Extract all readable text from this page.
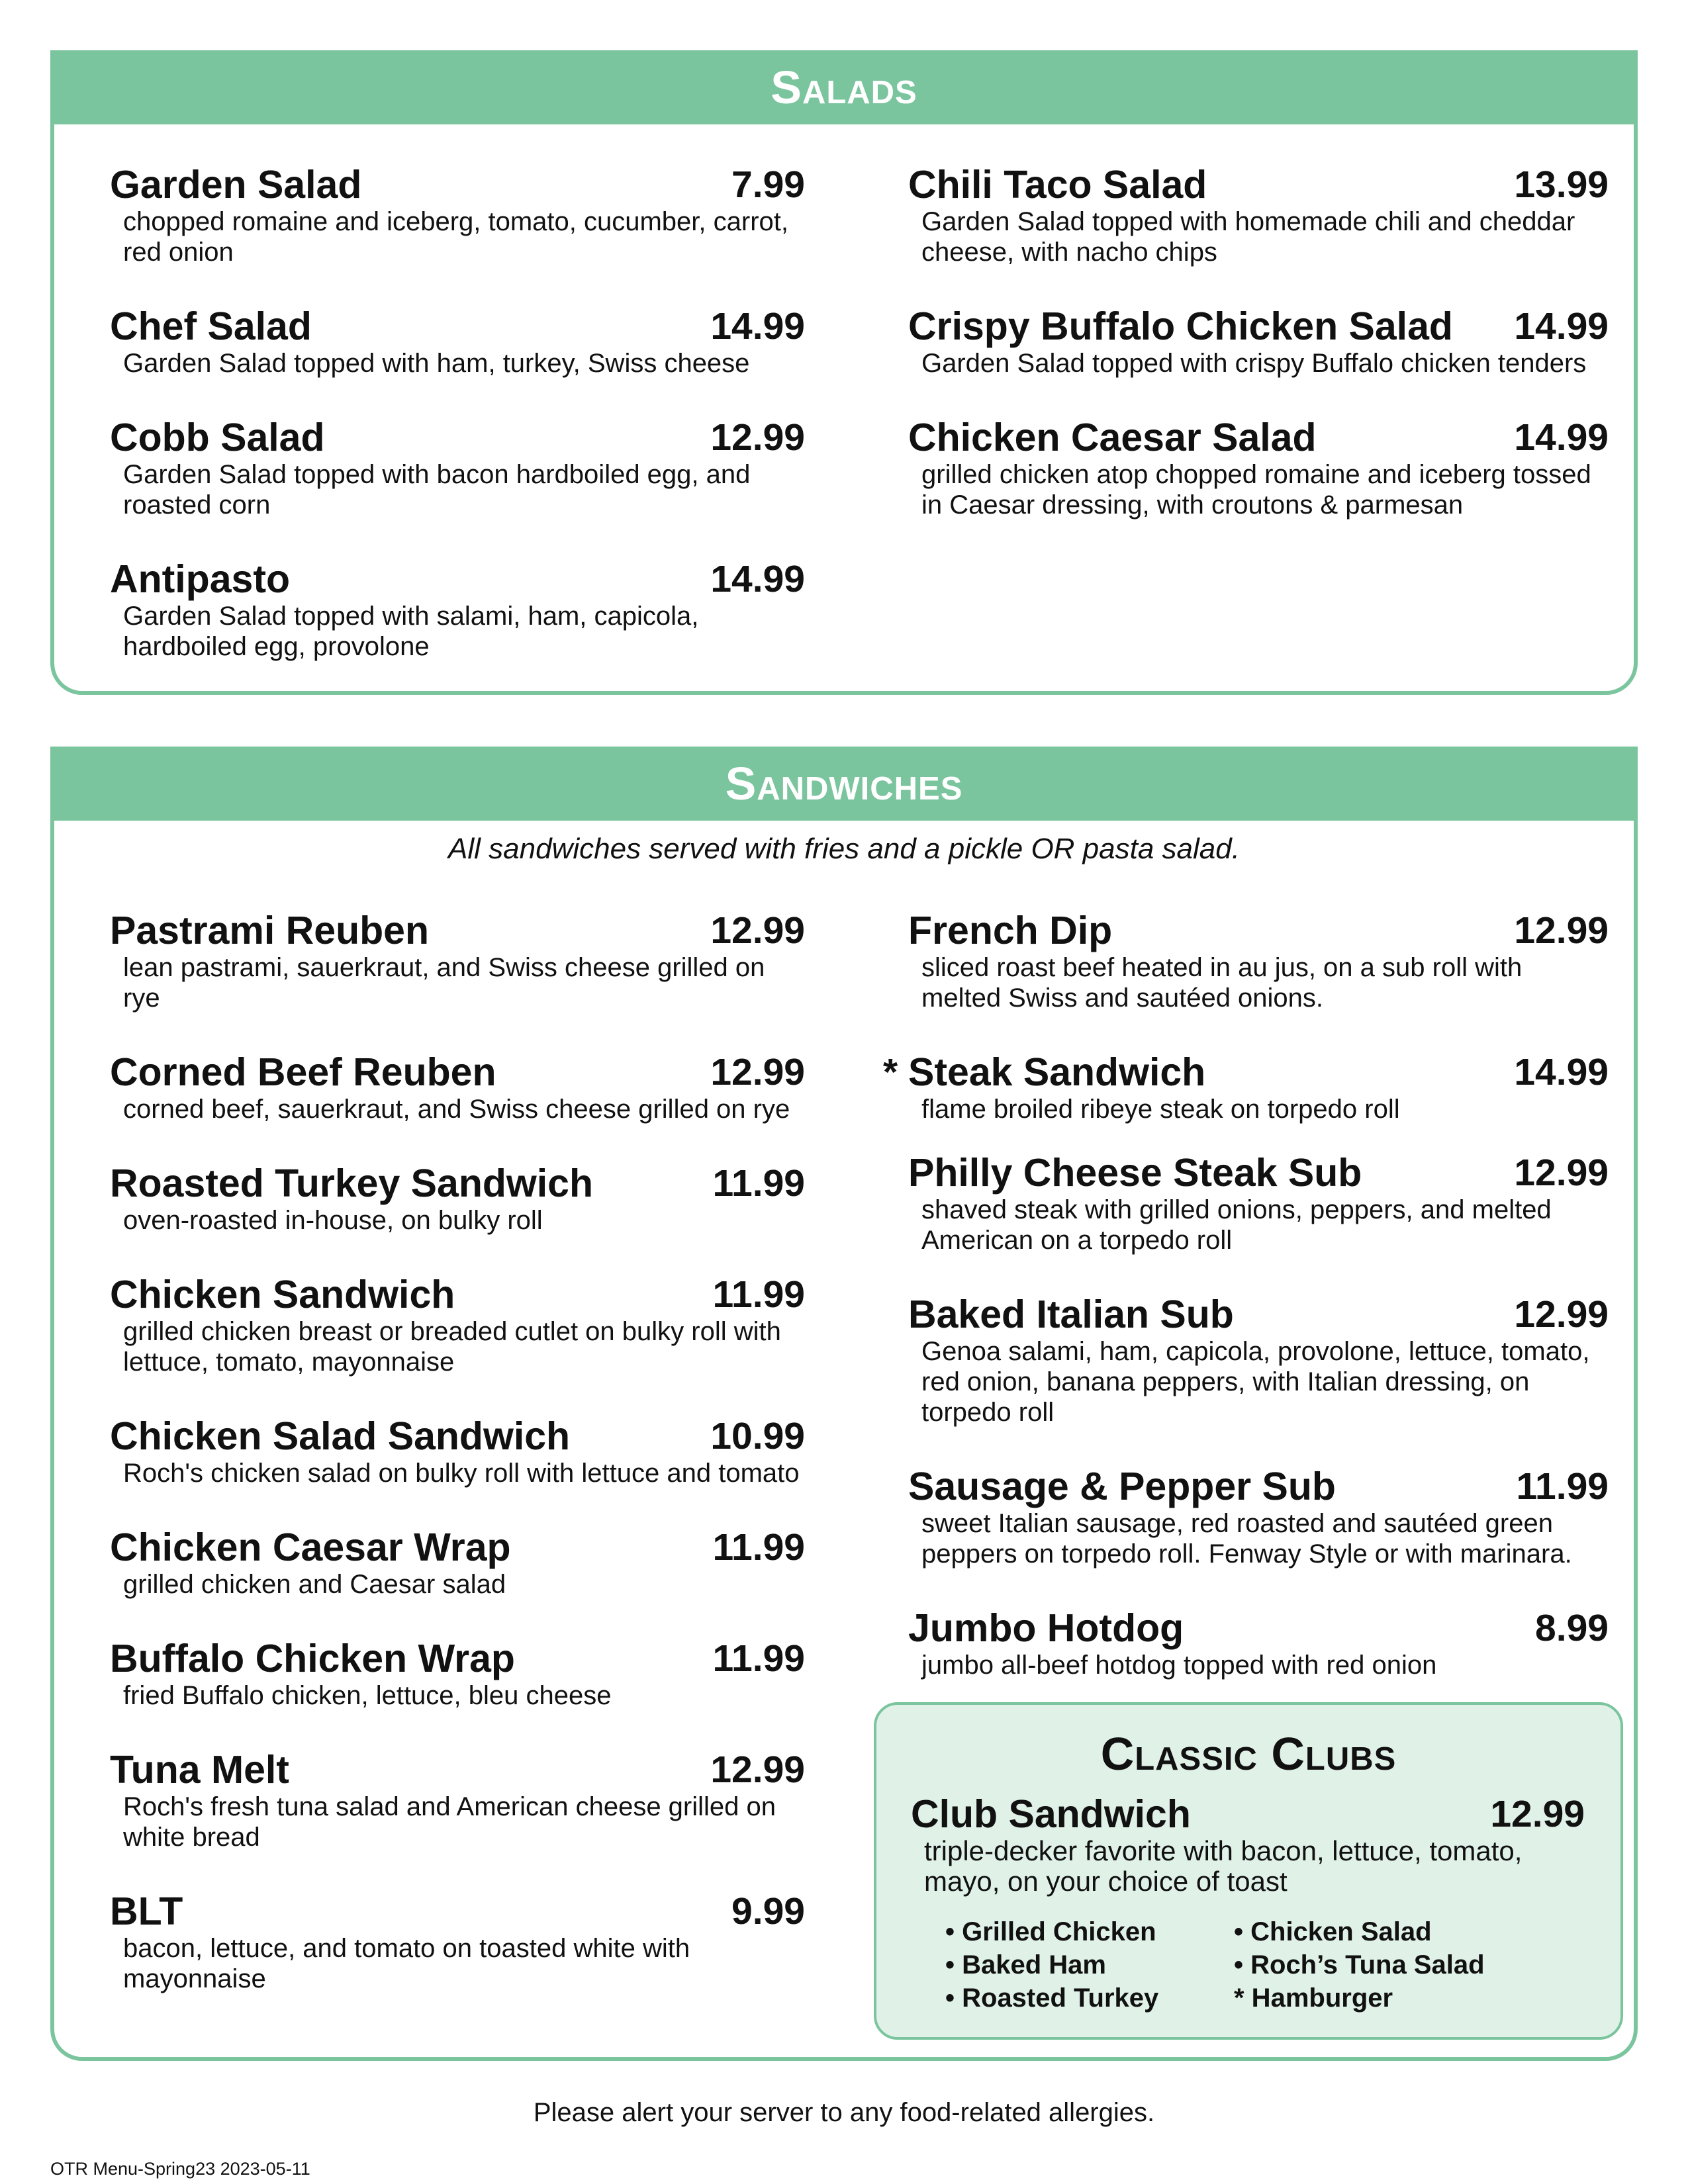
Salads
Garden Salad	7.99
chopped romaine and iceberg, tomato, cucumber, carrot, red onion
Chef Salad	14.99
Garden Salad topped with ham, turkey, Swiss cheese
Cobb Salad	12.99
Garden Salad topped with bacon hardboiled egg, and roasted corn
Antipasto	14.99
Garden Salad topped with salami, ham, capicola, hardboiled egg, provolone
Chili Taco Salad	13.99
Garden Salad topped with homemade chili and cheddar cheese, with nacho chips
Crispy Buffalo Chicken Salad	14.99
Garden Salad topped with crispy Buffalo chicken tenders
Chicken Caesar Salad	14.99
grilled chicken atop chopped romaine and iceberg tossed in Caesar dressing, with croutons & parmesan
Sandwiches
All sandwiches served with fries and a pickle OR pasta salad.
Pastrami Reuben	12.99
lean pastrami, sauerkraut, and Swiss cheese grilled on rye
Corned Beef Reuben	12.99
corned beef, sauerkraut, and Swiss cheese grilled on rye
Roasted Turkey Sandwich	11.99
oven-roasted in-house, on bulky roll
Chicken Sandwich	11.99
grilled chicken breast or breaded cutlet on bulky roll with lettuce, tomato, mayonnaise
Chicken Salad Sandwich	10.99
Roch's chicken salad on bulky roll with lettuce and tomato
Chicken Caesar Wrap	11.99
grilled chicken and Caesar salad
Buffalo Chicken Wrap	11.99
fried Buffalo chicken, lettuce, bleu cheese
Tuna Melt	12.99
Roch's fresh tuna salad and American cheese grilled on white bread
BLT	9.99
bacon, lettuce, and tomato on toasted white with mayonnaise
French Dip	12.99
sliced roast beef heated in au jus, on a sub roll with melted Swiss and sautéed onions.
* Steak Sandwich	14.99
flame broiled ribeye steak on torpedo roll
Philly Cheese Steak Sub	12.99
shaved steak with grilled onions, peppers, and melted American on a torpedo roll
Baked Italian Sub	12.99
Genoa salami, ham, capicola, provolone, lettuce, tomato, red onion, banana peppers, with Italian dressing, on torpedo roll
Sausage & Pepper Sub	11.99
sweet Italian sausage, red roasted and sautéed green peppers on torpedo roll. Fenway Style or with marinara.
Jumbo Hotdog	8.99
jumbo all-beef hotdog topped with red onion
Classic Clubs
Club Sandwich	12.99
triple-decker favorite with bacon, lettuce, tomato, mayo, on your choice of toast
• Grilled Chicken
• Baked Ham
• Roasted Turkey
• Chicken Salad
• Roch’s Tuna Salad
* Hamburger
Please alert your server to any food-related allergies.
OTR Menu-Spring23 2023-05-11
